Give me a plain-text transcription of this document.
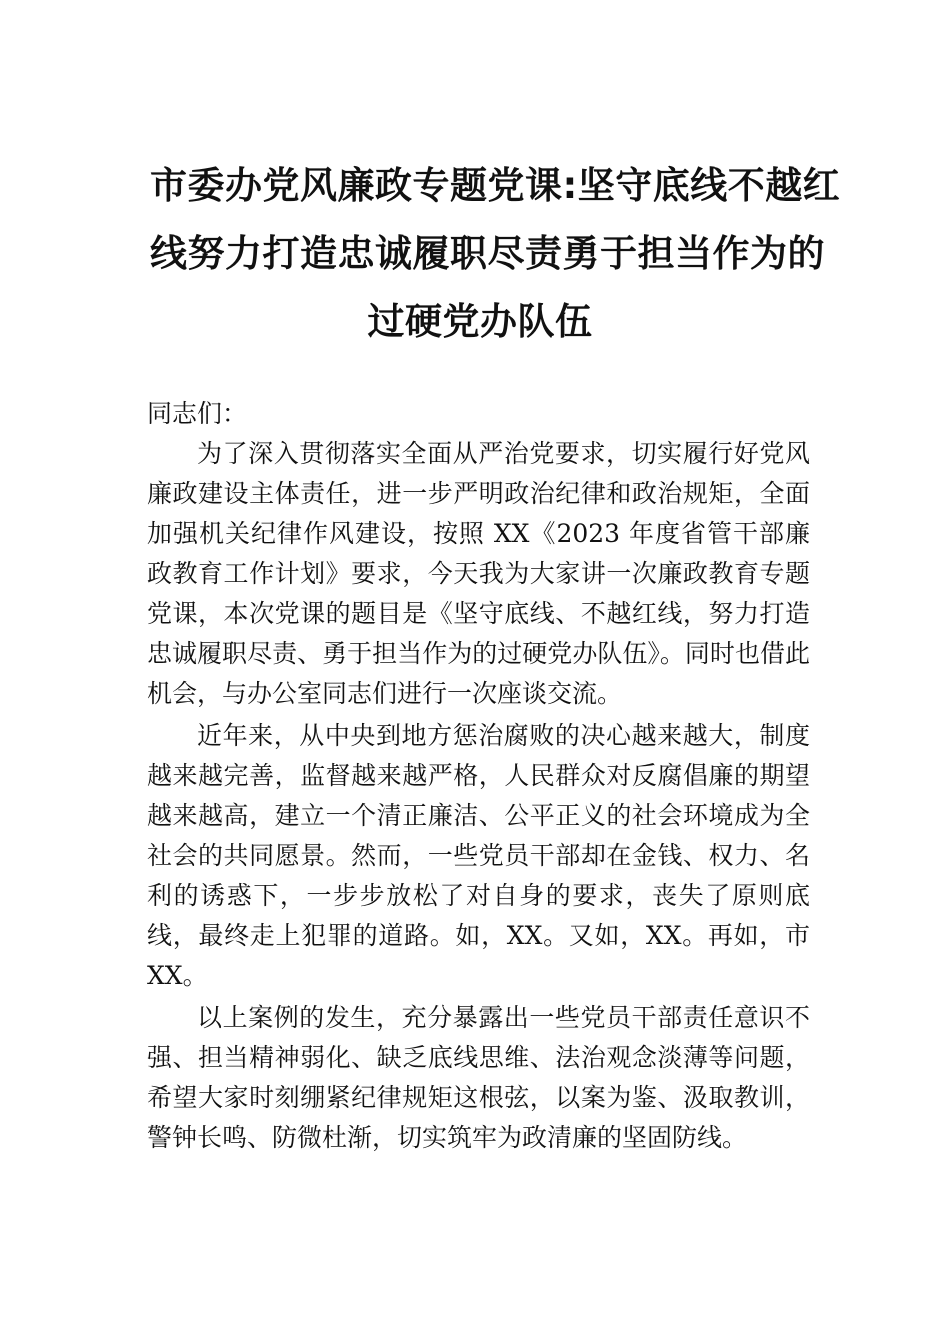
市委办党风廉政专题党课:坚守底线不越红
线努力打造忠诚履职尽责勇于担当作为的
过硬党办队伍

同志们：

为了深入贯彻落实全面从严治党要求，切实履行好党风廉政建设主体责任，进一步严明政治纪律和政治规矩，全面加强机关纪律作风建设，按照 XX《2023 年度省管干部廉政教育工作计划》要求，今天我为大家讲一次廉政教育专题党课，本次党课的题目是《坚守底线、不越红线，努力打造忠诚履职尽责、勇于担当作为的过硬党办队伍》。同时也借此机会，与办公室同志们进行一次座谈交流。

近年来，从中央到地方惩治腐败的决心越来越大，制度越来越完善，监督越来越严格，人民群众对反腐倡廉的期望越来越高，建立一个清正廉洁、公平正义的社会环境成为全社会的共同愿景。然而，一些党员干部却在金钱、权力、名利的诱惑下，一步步放松了对自身的要求，丧失了原则底线，最终走上犯罪的道路。如，XX。又如，XX。再如，市 XX。

以上案例的发生，充分暴露出一些党员干部责任意识不强、担当精神弱化、缺乏底线思维、法治观念淡薄等问题， 希望大家时刻绷紧纪律规矩这根弦，以案为鉴、汲取教训， 警钟长鸣、防微杜渐，切实筑牢为政清廉的坚固防线。
